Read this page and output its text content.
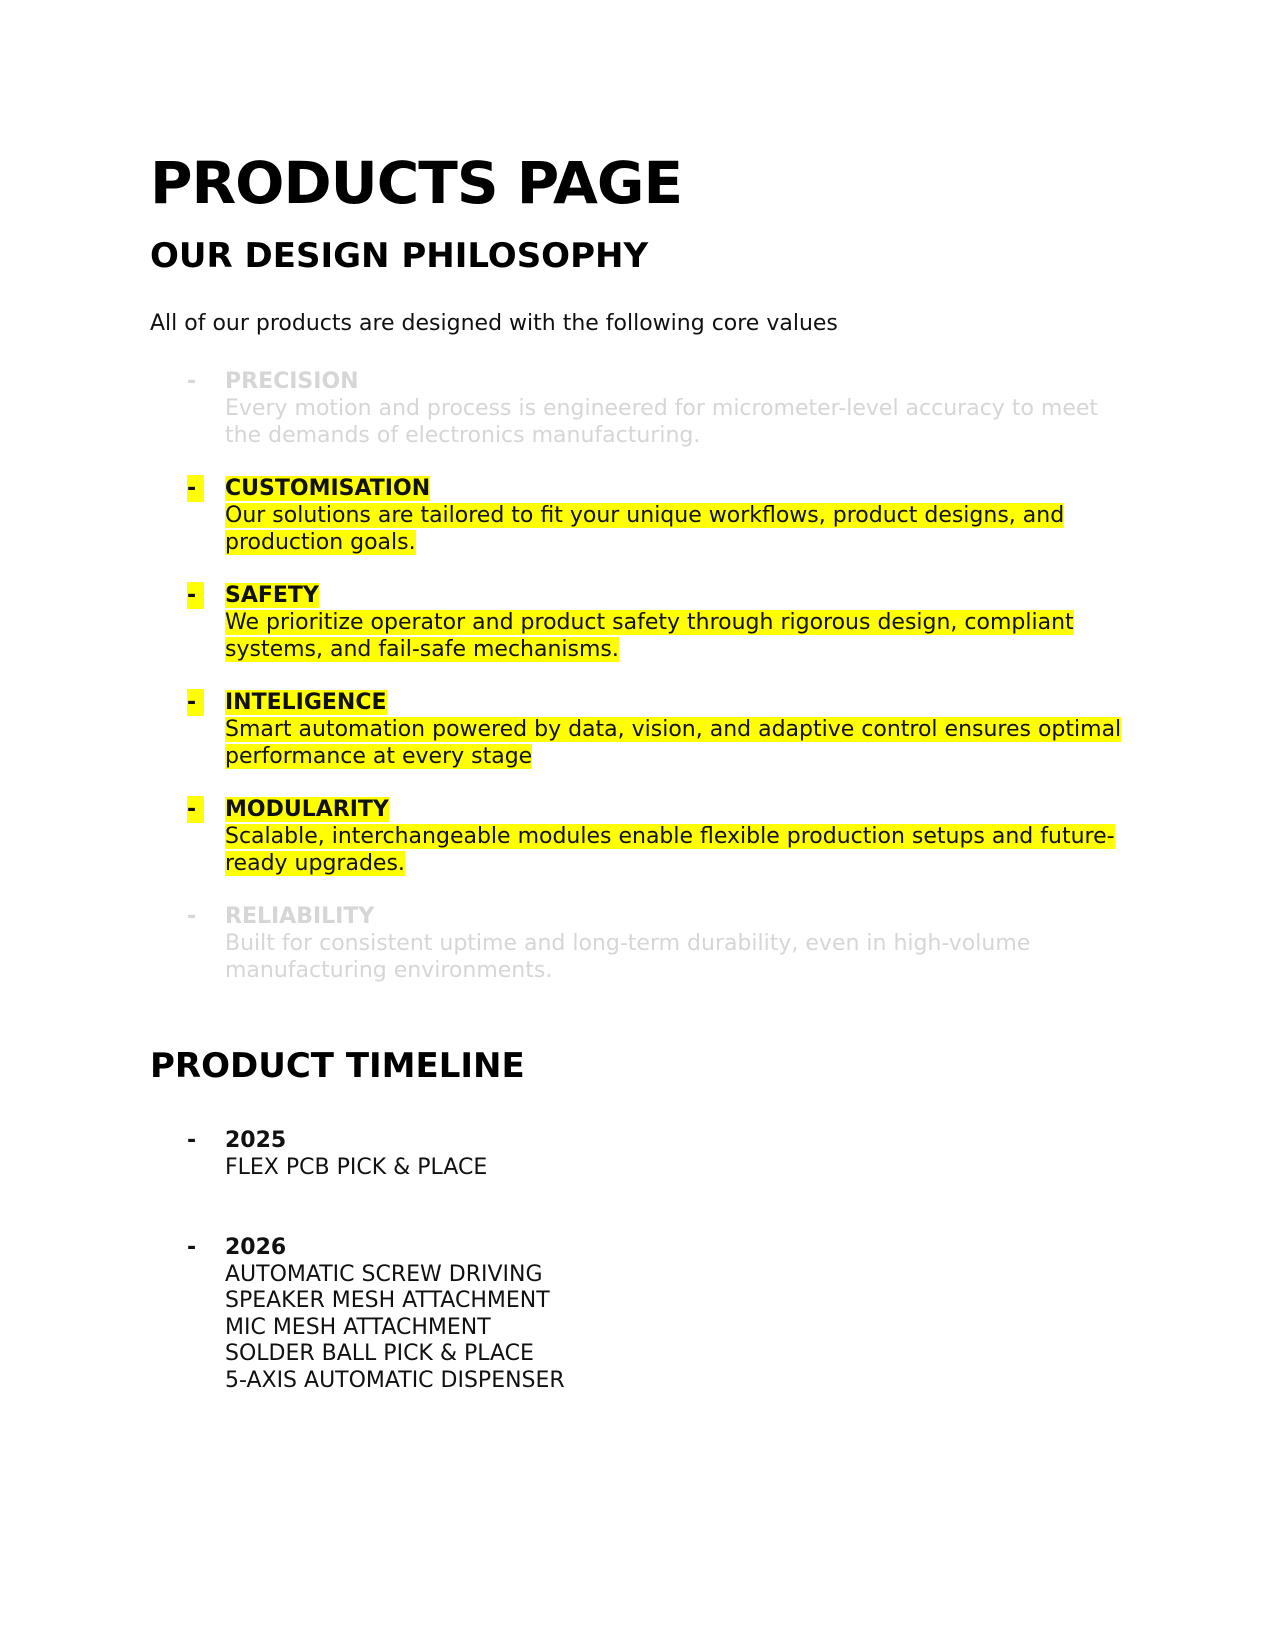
PRODUCTS PAGE
OUR DESIGN PHILOSOPHY

All of our products are designed with the following core values

-	PRECISION
Every motion and process is engineered for micrometer-level accuracy to meet the demands of electronics manufacturing.
-	CUSTOMISATION
Our solutions are tailored to fit your unique workflows, product designs, and production goals.
-	SAFETY
We prioritize operator and product safety through rigorous design, compliant systems, and fail-safe mechanisms.
-	INTELIGENCE
Smart automation powered by data, vision, and adaptive control ensures optimal performance at every stage
-	MODULARITY
Scalable, interchangeable modules enable flexible production setups and future-ready upgrades.
-	RELIABILITY
Built for consistent uptime and long-term durability, even in high-volume manufacturing environments.
PRODUCT TIMELINE
-	2025
FLEX PCB PICK & PLACE
-	2026
AUTOMATIC SCREW DRIVING
SPEAKER MESH ATTACHMENT
MIC MESH ATTACHMENT
SOLDER BALL PICK & PLACE
5-AXIS AUTOMATIC DISPENSER
